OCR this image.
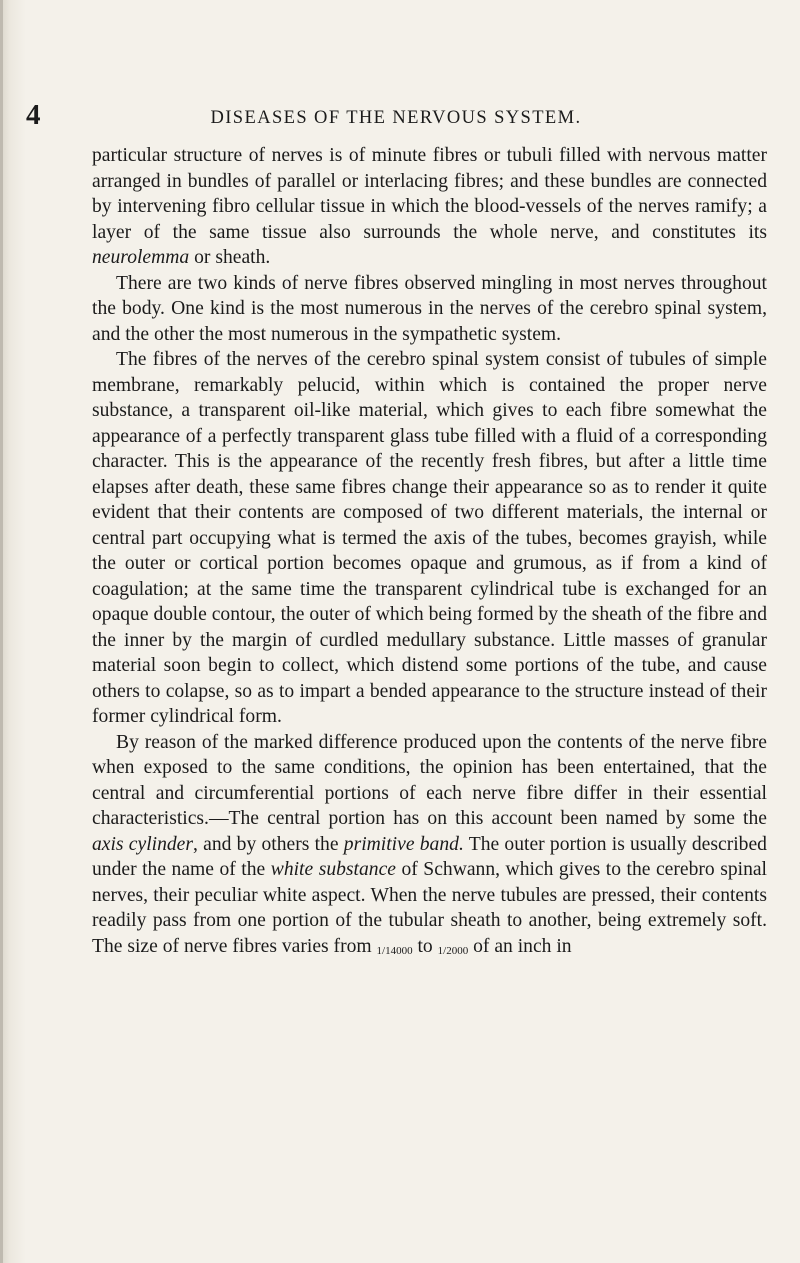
4	DISEASES OF THE NERVOUS SYSTEM.

particular structure of nerves is of minute fibres or tubuli filled with nervous matter arranged in bundles of parallel or interlacing fibres; and these bundles are connected by intervening fibro cellular tissue in which the blood-vessels of the nerves ramify; a layer of the same tissue also surrounds the whole nerve, and constitutes its neurolemma or sheath.

There are two kinds of nerve fibres observed mingling in most nerves throughout the body. One kind is the most numerous in the nerves of the cerebro spinal system, and the other the most numerous in the sympathetic system.

The fibres of the nerves of the cerebro spinal system consist of tubules of simple membrane, remarkably pelucid, within which is contained the proper nerve substance, a transparent oil-like material, which gives to each fibre somewhat the appearance of a perfectly transparent glass tube filled with a fluid of a corresponding character. This is the appearance of the recently fresh fibres, but after a little time elapses after death, these same fibres change their appearance so as to render it quite evident that their contents are composed of two different materials, the internal or central part occupying what is termed the axis of the tubes, becomes grayish, while the outer or cortical portion becomes opaque and grumous, as if from a kind of coagulation; at the same time the transparent cylindrical tube is exchanged for an opaque double contour, the outer of which being formed by the sheath of the fibre and the inner by the margin of curdled medullary substance. Little masses of granular material soon begin to collect, which distend some portions of the tube, and cause others to colapse, so as to impart a bended appearance to the structure instead of their former cylindrical form.

By reason of the marked difference produced upon the contents of the nerve fibre when exposed to the same conditions, the opinion has been entertained, that the central and circumferential portions of each nerve fibre differ in their essential characteristics.—The central portion has on this account been named by some the axis cylinder, and by others the primitive band. The outer portion is usually described under the name of the white substance of Schwann, which gives to the cerebro spinal nerves, their peculiar white aspect. When the nerve tubules are pressed, their contents readily pass from one portion of the tubular sheath to another, being extremely soft. The size of nerve fibres varies from 1/14000 to 1/2000 of an inch in
